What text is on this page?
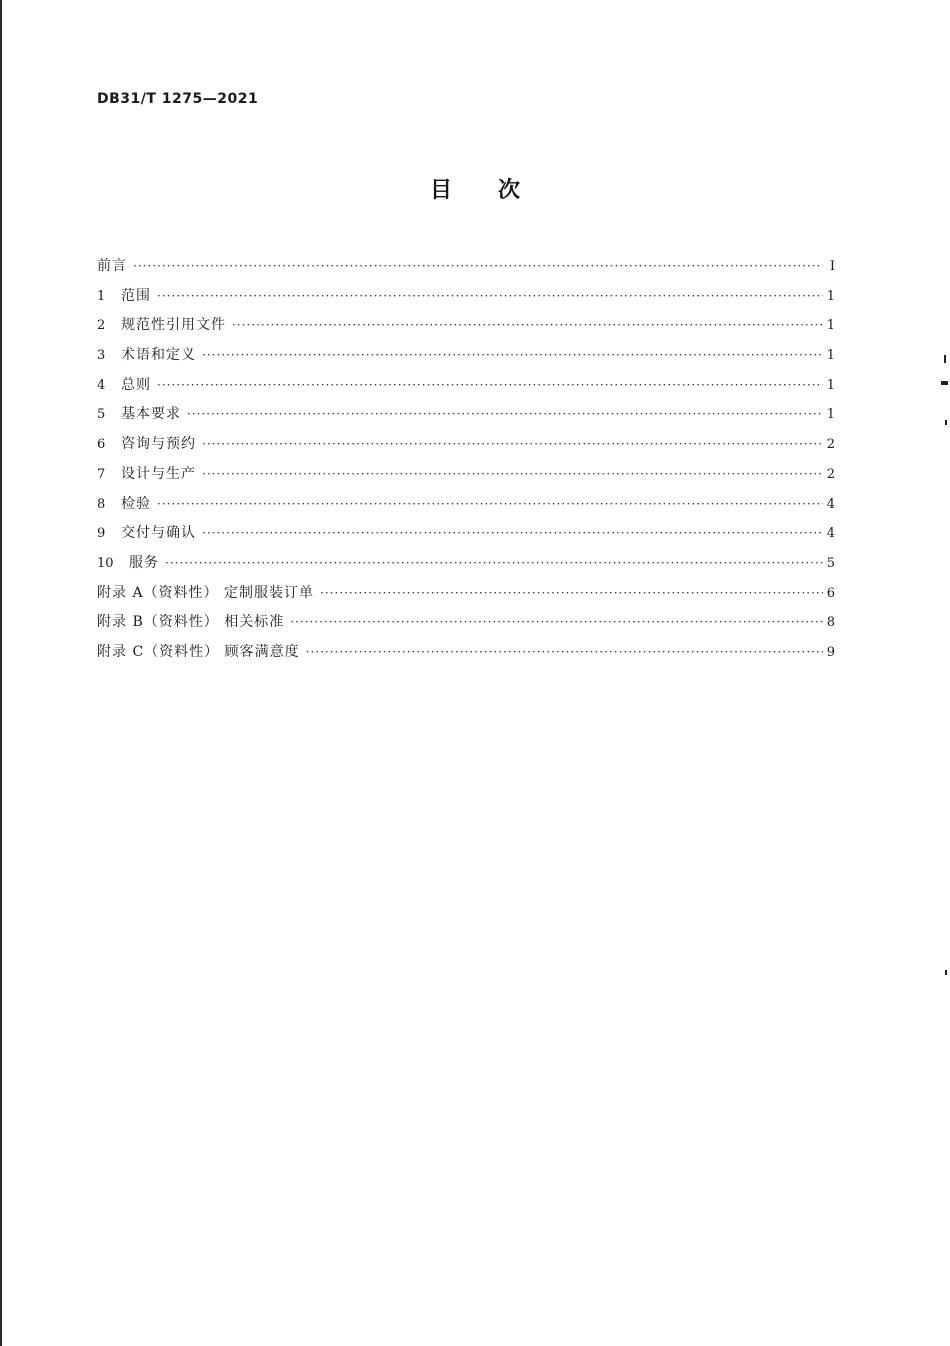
DB31/T 1275—2021
目次
前言 ·····	I
1	范围 ·····	1
2	规范性引用文件 ·····	1
3	术语和定义 ·····	1
4	总则 ·····	1
5	基本要求 ·····	1
6	咨询与预约 ·····	2
7	设计与生产 ·····	2
8	检验 ·····	4
9	交付与确认 ·····	4
10	服务 ·····	5
附录 A（资料性） 定制服装订单 ·····	6
附录 B（资料性） 相关标准 ·····	8
附录 C（资料性） 顾客满意度 ·····	9
